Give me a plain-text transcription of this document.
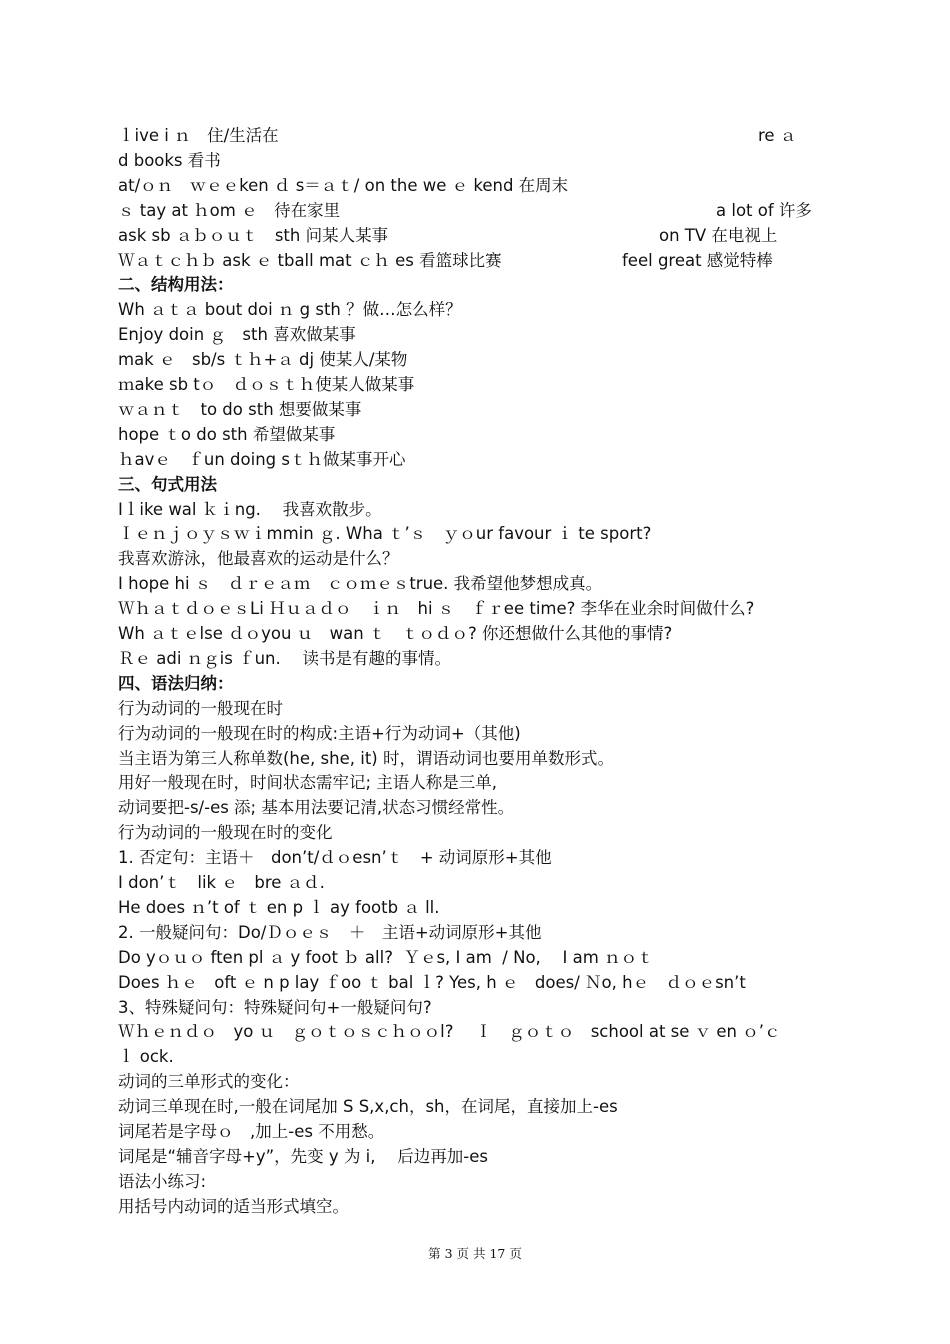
ｌive i ｎ　住/生活在	re ａ
d books 看书
at/ｏｎ　ｗｅｅken ｄ s＝ａｔ/ on the we ｅ kend 在周末
ｓ tay at ｈom ｅ　待在家里	a lot of 许多
ask sb ａｂｏｕｔ　sth 问某人某事	on TV 在电视上
Ｗａｔｃｈｂ ask ｅ tball mat ｃｈ es 看篮球比赛	feel great 感觉特棒
二、结构用法：
Wh ａｔａ bout doi ｎ g sth ？做…怎么样？
Enjoy doin ｇ　sth 喜欢做某事
mak ｅ　sb/s ｔｈ+ａ dj 使某人/某物
ｍake sb tｏ　ｄｏｓｔｈ使某人做某事
ｗａｎｔ　to do sth 想要做某事
hope ｔo do sth 希望做某事
ｈavｅ　ｆun doing sｔｈ做某事开心
三、句式用法
Iｌike wal ｋｉng.　 我喜欢散步。
Ｉｅｎｊｏｙｓｗｉmmin ｇ. Wha ｔ’ｓ　ｙｏur favour ｉ te sport?
我喜欢游泳，他最喜欢的运动是什么？
I hope hi ｓ　ｄｒｅａｍ　ｃｏｍｅｓtrue. 我希望他梦想成真。
ＷｈａｔｄｏｅｓLi Ｈｕａｄｏ　ｉｎ　hi ｓ　ｆｒee time? 李华在业余时间做什么?
Wh ａｔｅlse ｄｏyou ｕ　wan ｔ　ｔｏｄｏ? 你还想做什么其他的事情?
Ｒｅ adi ｎｇis ｆun.　 读书是有趣的事情。
四、语法归纳：
行为动词的一般现在时
行为动词的一般现在时的构成:主语+行为动词+（其他)
当主语为第三人称单数(he, she, it) 时，谓语动词也要用单数形式。
用好一般现在时，时间状态需牢记; 主语人称是三单,
动词要把-s/-es 添; 基本用法要记清,状态习惯经常性。
行为动词的一般现在时的变化
1. 否定句：主语＋　don’t/ｄｏesn’ｔ　+ 动词原形+其他
I don’ｔ　lik ｅ　bre ａｄ.
He does ｎ’t of ｔ en p ｌ ay footb ａ ll.
2. 一般疑问句：Do/Ｄｏｅｓ　＋　主语+动词原形+其他
Do yｏｕｏ ften pl ａ y foot ｂ all?  Ｙｅs, I am  / No,　 I am ｎｏｔ
Does ｈｅ　oft ｅ n p lay ｆoo ｔ bal ｌ? Yes, h ｅ　does/ Ｎo, hｅ　ｄｏｅsn’t
3、特殊疑问句：特殊疑问句+一般疑问句?
Ｗｈｅｎｄｏ　yo ｕ　ｇｏｔｏｓｃｈｏｏl?　 Ｉ　ｇｏｔｏ　school at se ｖ en ｏ’ｃ
ｌ ock.
动词的三单形式的变化：
动词三单现在时,一般在词尾加 S S,x,ch，sh，在词尾，直接加上-es
词尾若是字母ｏ　,加上-es 不用愁。
词尾是“辅音字母+y”，先变 y 为 i,　 后边再加-es
语法小练习:
用括号内动词的适当形式填空。
第 3 页 共 17 页
